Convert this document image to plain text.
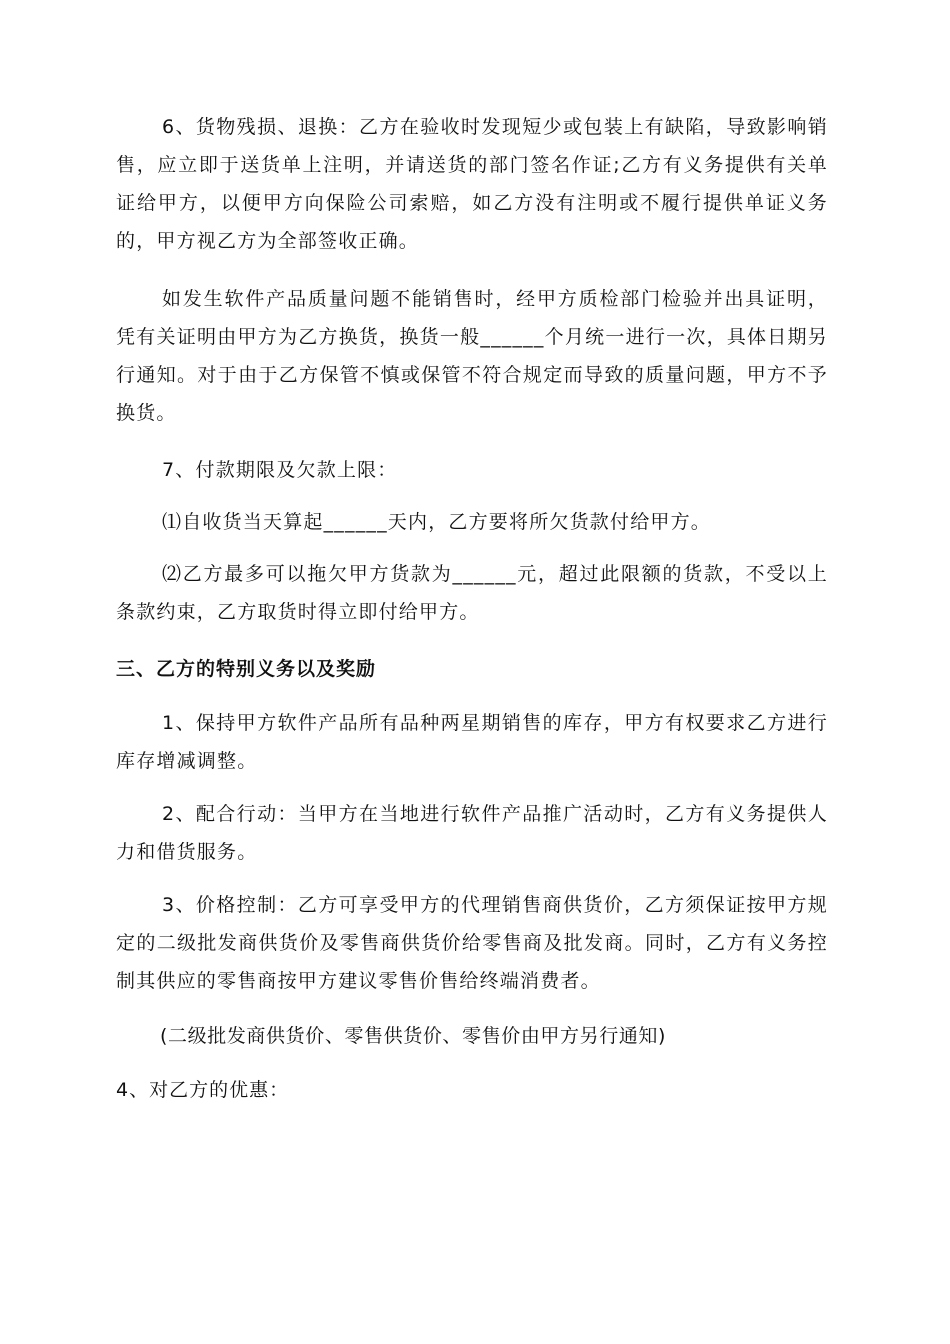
6、货物残损、退换：乙方在验收时发现短少或包装上有缺陷，导致影响销售，应立即于送货单上注明，并请送货的部门签名作证;乙方有义务提供有关单证给甲方，以便甲方向保险公司索赔，如乙方没有注明或不履行提供单证义务的，甲方视乙方为全部签收正确。

如发生软件产品质量问题不能销售时，经甲方质检部门检验并出具证明，凭有关证明由甲方为乙方换货，换货一般______个月统一进行一次，具体日期另行通知。对于由于乙方保管不慎或保管不符合规定而导致的质量问题，甲方不予换货。

7、付款期限及欠款上限：

⑴自收货当天算起______天内，乙方要将所欠货款付给甲方。

⑵乙方最多可以拖欠甲方货款为______元，超过此限额的货款，不受以上条款约束，乙方取货时得立即付给甲方。

三、乙方的特别义务以及奖励

1、保持甲方软件产品所有品种两星期销售的库存，甲方有权要求乙方进行库存增减调整。

2、配合行动：当甲方在当地进行软件产品推广活动时，乙方有义务提供人力和借货服务。

3、价格控制：乙方可享受甲方的代理销售商供货价，乙方须保证按甲方规定的二级批发商供货价及零售商供货价给零售商及批发商。同时，乙方有义务控制其供应的零售商按甲方建议零售价售给终端消费者。

(二级批发商供货价、零售供货价、零售价由甲方另行通知)

4、对乙方的优惠：
